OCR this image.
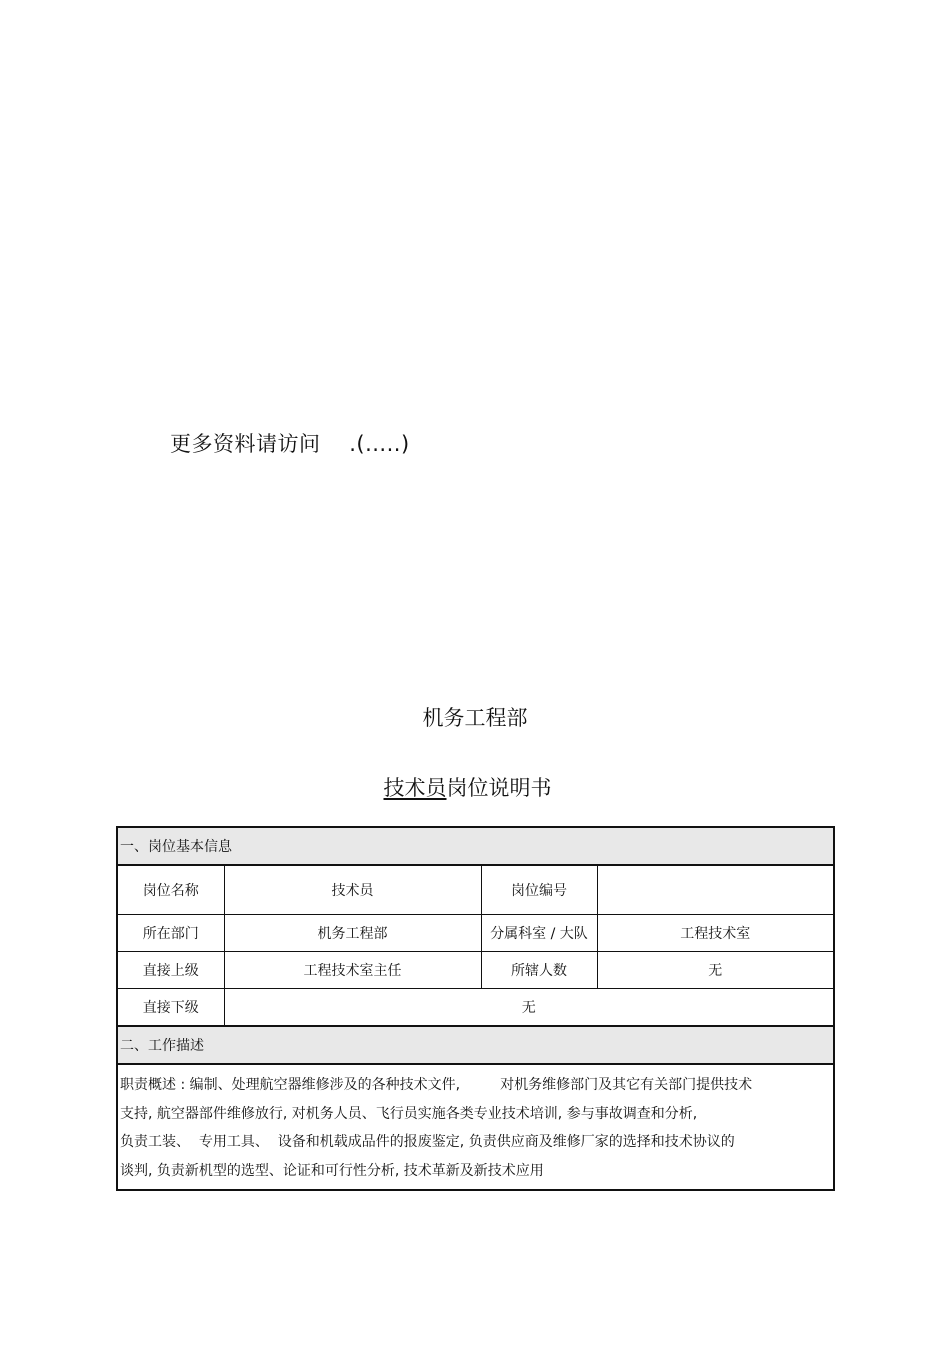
更多资料请访问    .(.....)
机务工程部
技术员岗位说明书
一、岗位基本信息			
岗位名称	技术员	岗位编号	
所在部门	机务工程部	分属科室 / 大队	工程技术室
直接上级	工程技术室主任	所辖人数	无
直接下级	无		
二、工作描述			

职责概述 : 编制、处理航空器维修涉及的各种技术文件,         对机务维修部门及其它有关部门提供技术
支持, 航空器部件维修放行, 对机务人员、飞行员实施各类专业技术培训, 参与事故调查和分析,
负责工装、  专用工具、  设备和机载成品件的报废鉴定, 负责供应商及维修厂家的选择和技术协议的
谈判, 负责新机型的选型、论证和可行性分析, 技术革新及新技术应用			
